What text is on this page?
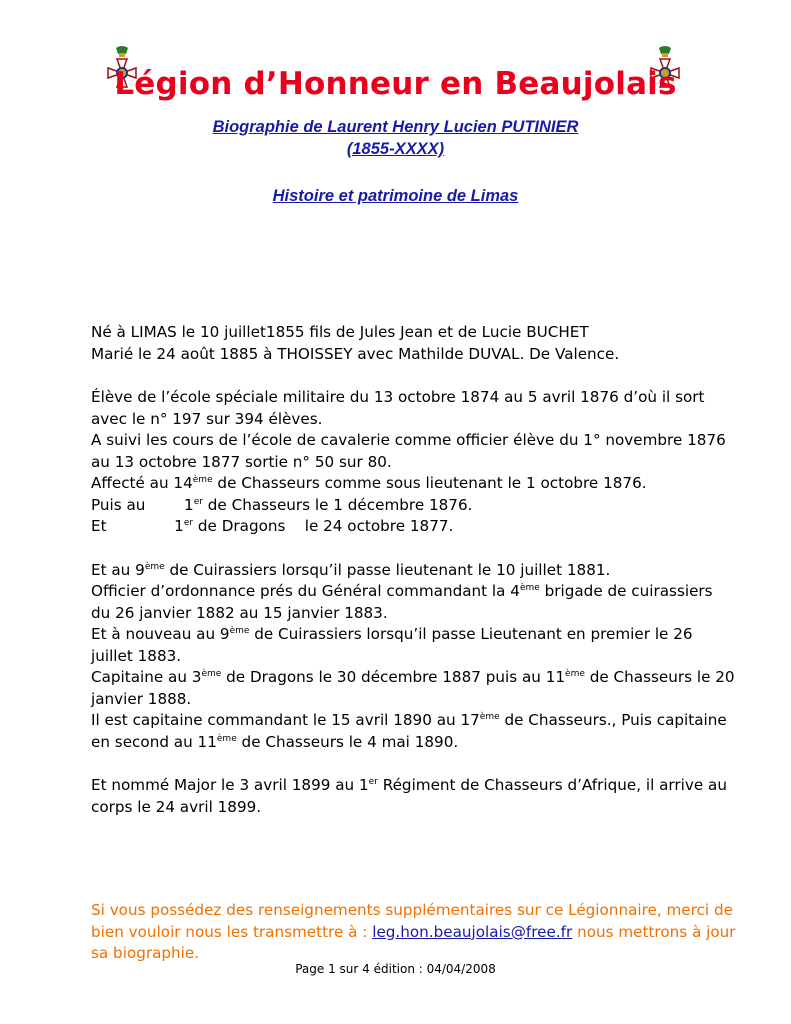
Légion d’Honneur en Beaujolais
Biographie de Laurent Henry Lucien PUTINIER
(1855-XXXX)
Histoire et patrimoine de Limas

Né à LIMAS le 10 juillet1855 fils de Jules Jean et de Lucie BUCHET

Marié le 24 août 1885 à THOISSEY avec Mathilde DUVAL. De Valence.

Élève de l’école spéciale militaire du 13 octobre 1874 au 5 avril 1876 d’où il sort

avec le n° 197 sur 394 élèves.

A suivi les cours de l’école de cavalerie comme officier élève du 1° novembre 1876

au 13 octobre 1877 sortie n° 50 sur 80.

Affecté au 14ème de Chasseurs comme sous lieutenant le 1 octobre 1876.

Puis au        1er de Chasseurs le 1 décembre 1876.

Et              1er de Dragons    le 24 octobre 1877.

Et au 9ème de Cuirassiers lorsqu’il passe lieutenant le 10 juillet 1881.

Officier d’ordonnance prés du Général commandant la 4ème brigade de cuirassiers

du 26 janvier 1882 au 15 janvier 1883.

Et à nouveau au 9ème de Cuirassiers lorsqu’il passe Lieutenant en premier le 26

juillet 1883.

Capitaine au 3ème de Dragons le 30 décembre 1887 puis au 11ème de Chasseurs le 20

janvier 1888.

Il est capitaine commandant le 15 avril 1890 au 17ème de Chasseurs., Puis capitaine

en second au 11ème de Chasseurs le 4 mai 1890.

Et nommé Major le 3 avril 1899 au 1er Régiment de Chasseurs d’Afrique, il arrive au

corps le 24 avril 1899.

Si vous possédez des renseignements supplémentaires sur ce Légionnaire, merci de

bien vouloir nous les transmettre à : leg.hon.beaujolais@free.fr nous mettrons à jour

sa biographie.

Page 1 sur 4 édition : 04/04/2008
